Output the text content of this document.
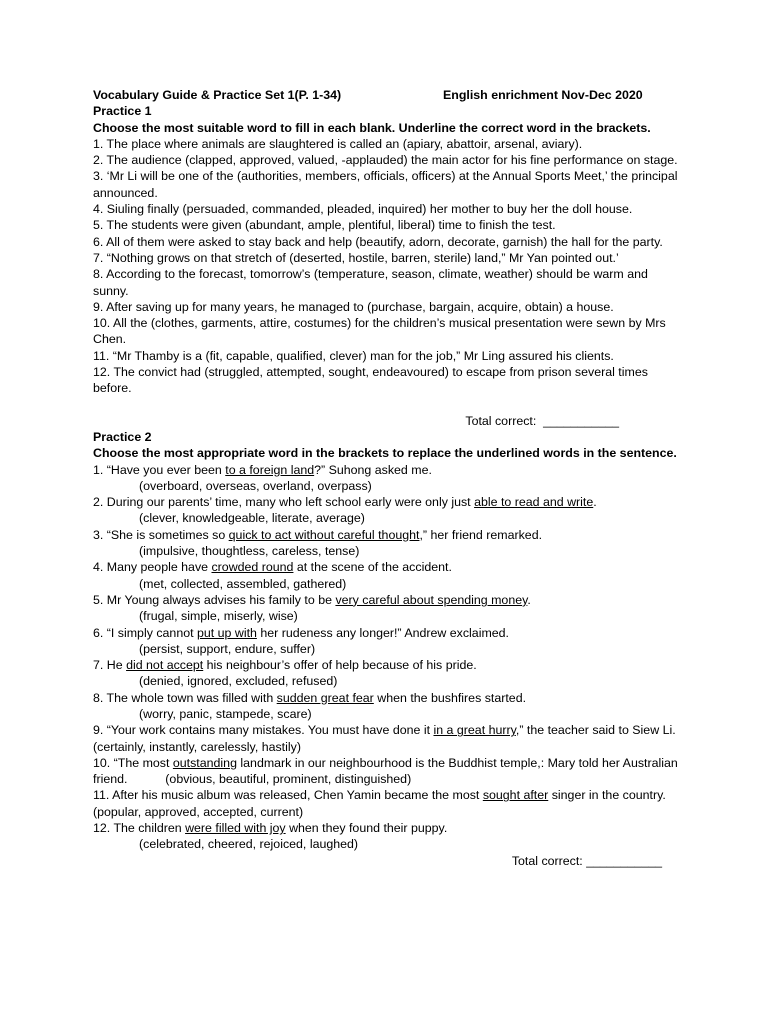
Vocabulary Guide & Practice Set 1(P. 1-34)	English enrichment Nov-Dec 2020
Practice 1
Choose the most suitable word to fill in each blank. Underline the correct word in the brackets.

1. The place where animals are slaughtered is called an (apiary, abattoir, arsenal, aviary).

2. The audience (clapped, approved, valued, -applauded) the main actor for his fine performance on stage.

3. ‘Mr Li will be one of the (authorities, members, officials, officers) at the Annual Sports Meet,’ the principal announced.

4. Siuling finally (persuaded, commanded, pleaded, inquired) her mother to buy her the doll house.

5. The students were given (abundant, ample, plentiful, liberal) time to finish the test.

6. All of them were asked to stay back and help (beautify, adorn, decorate, garnish) the hall for the party.

7. “Nothing grows on that stretch of (deserted, hostile, barren, sterile) land,” Mr Yan pointed out.’

8. According to the forecast, tomorrow’s (temperature, season, climate, weather) should be warm and sunny.

9. After saving up for many years, he managed to (purchase, bargain, acquire, obtain) a house.

10. All the (clothes, garments, attire, costumes) for the children’s musical presentation were sewn by Mrs Chen.

11. “Mr Thamby is a (fit, capable, qualified, clever) man for the job,” Mr Ling assured his clients.

12. The convict had (struggled, attempted, sought, endeavoured) to escape from prison several times before.

Total correct:  ___________
Practice 2
Choose the most appropriate word in the brackets to replace the underlined words in the sentence.

1. “Have you ever been to a foreign land?” Suhong asked me.

(overboard, overseas, overland, overpass)

2. During our parents’ time, many who left school early were only just able to read and write.

(clever, knowledgeable, literate, average)

3. “She is sometimes so quick to act without careful thought,” her friend remarked.

(impulsive, thoughtless, careless, tense)

4. Many people have crowded round at the scene of the accident.

(met, collected, assembled, gathered)

5. Mr Young always advises his family to be very careful about spending money.

(frugal, simple, miserly, wise)

6. “I simply cannot put up with her rudeness any longer!” Andrew exclaimed.

(persist, support, endure, suffer)

7. He did not accept his neighbour’s offer of help because of his pride.

(denied, ignored, excluded, refused)

8. The whole town was filled with sudden great fear when the bushfires started.

(worry, panic, stampede, scare)

9. “Your work contains many mistakes. You must have done it in a great hurry,” the teacher said to Siew Li. (certainly, instantly, carelessly, hastily)

10. “The most outstanding landmark in our neighbourhood is the Buddhist temple,: Mary told her Australian friend.           (obvious, beautiful, prominent, distinguished)

11. After his music album was released, Chen Yamin became the most sought after singer in the country.           (popular, approved, accepted, current)

12. The children were filled with joy when they found their puppy.

(celebrated, cheered, rejoiced, laughed)

Total correct: ___________
